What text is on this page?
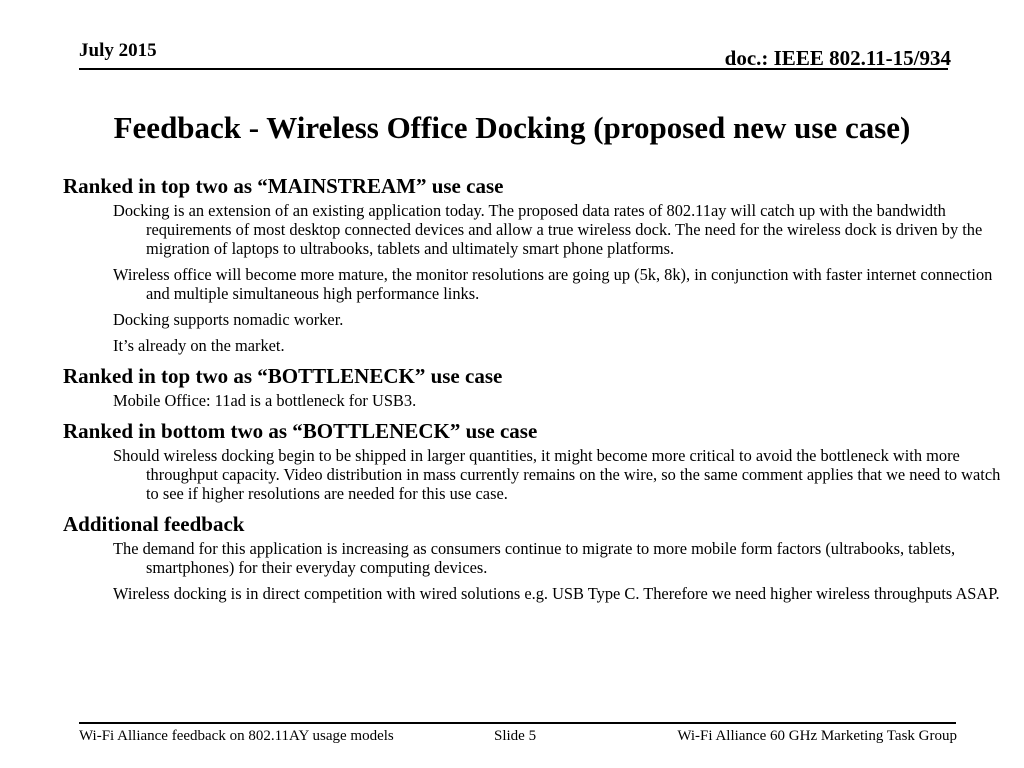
July 2015	doc.: IEEE 802.11-15/934
Feedback - Wireless Office Docking (proposed new use case)
Ranked in top two as “MAINSTREAM” use case
Docking is an extension of an existing application today. The proposed data rates of 802.11ay will catch up with the bandwidth requirements of most desktop connected devices and allow a true wireless dock. The need for the wireless dock is driven by the migration of laptops to ultrabooks, tablets and ultimately smart phone platforms.
Wireless office will become more mature, the monitor resolutions are going up (5k, 8k), in conjunction with faster internet connection and multiple simultaneous high performance links.
Docking supports nomadic worker.
It’s already on the market.
Ranked in top two as “BOTTLENECK” use case
Mobile Office: 11ad is a bottleneck for USB3.
Ranked in bottom two as “BOTTLENECK” use case
Should wireless docking begin to be shipped in larger quantities, it might become more critical to avoid the bottleneck with more throughput capacity. Video distribution in mass currently remains on the wire, so the same comment applies that we need to watch to see if higher resolutions are needed for this use case.
Additional feedback
The demand for this application is increasing as consumers continue to migrate to more mobile form factors (ultrabooks, tablets, smartphones) for their everyday computing devices.
Wireless docking is in direct competition with wired solutions e.g. USB Type C. Therefore we need higher wireless throughputs ASAP.
Wi-Fi Alliance feedback on 802.11AY usage models	Slide 5	Wi-Fi Alliance 60 GHz Marketing Task Group
